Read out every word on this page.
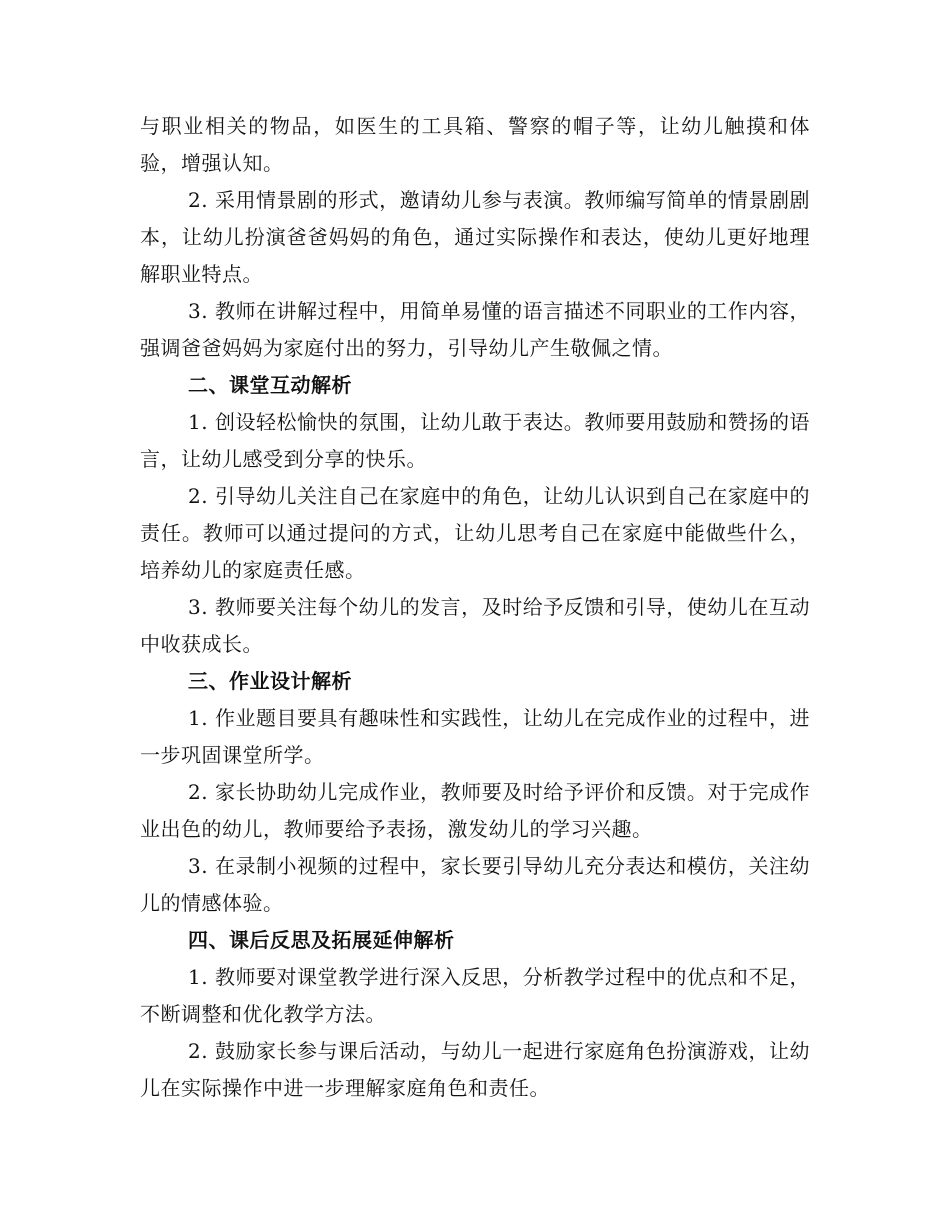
与职业相关的物品，如医生的工具箱、警察的帽子等，让幼儿触摸和体验，增强认知。

2. 采用情景剧的形式，邀请幼儿参与表演。教师编写简单的情景剧剧本，让幼儿扮演爸爸妈妈的角色，通过实际操作和表达，使幼儿更好地理解职业特点。

3. 教师在讲解过程中，用简单易懂的语言描述不同职业的工作内容，强调爸爸妈妈为家庭付出的努力，引导幼儿产生敬佩之情。

二、课堂互动解析

1. 创设轻松愉快的氛围，让幼儿敢于表达。教师要用鼓励和赞扬的语言，让幼儿感受到分享的快乐。

2. 引导幼儿关注自己在家庭中的角色，让幼儿认识到自己在家庭中的责任。教师可以通过提问的方式，让幼儿思考自己在家庭中能做些什么，培养幼儿的家庭责任感。

3. 教师要关注每个幼儿的发言，及时给予反馈和引导，使幼儿在互动中收获成长。

三、作业设计解析

1. 作业题目要具有趣味性和实践性，让幼儿在完成作业的过程中，进一步巩固课堂所学。

2. 家长协助幼儿完成作业，教师要及时给予评价和反馈。对于完成作业出色的幼儿，教师要给予表扬，激发幼儿的学习兴趣。

3. 在录制小视频的过程中，家长要引导幼儿充分表达和模仿，关注幼儿的情感体验。

四、课后反思及拓展延伸解析

1. 教师要对课堂教学进行深入反思，分析教学过程中的优点和不足，不断调整和优化教学方法。

2. 鼓励家长参与课后活动，与幼儿一起进行家庭角色扮演游戏，让幼儿在实际操作中进一步理解家庭角色和责任。
